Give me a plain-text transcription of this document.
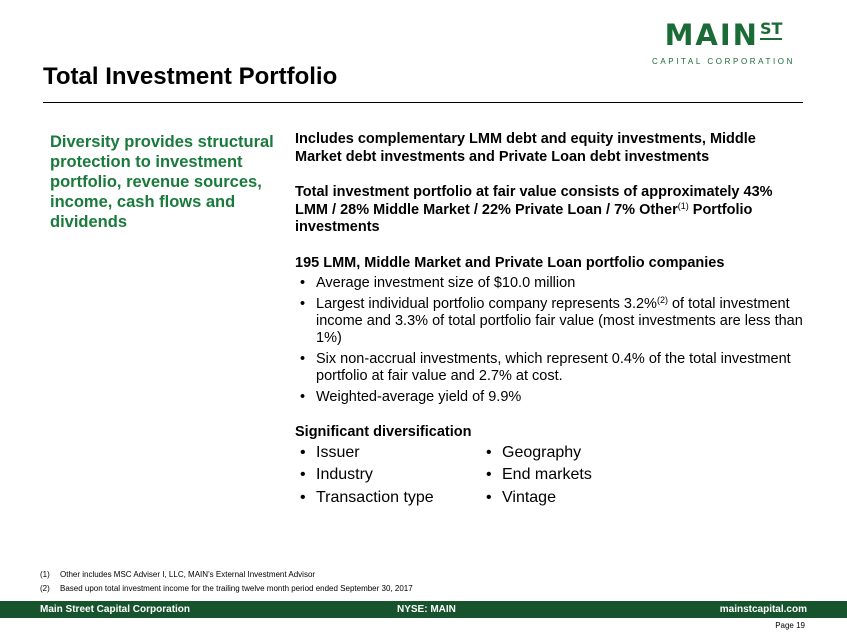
$MAIN^{ST}$
CAPITAL CORPORATION
Total Investment Portfolio
Diversity provides structural protection to investment portfolio, revenue sources, income, cash flows and dividends
Includes complementary LMM debt and equity investments, Middle Market debt investments and Private Loan debt investments
Total investment portfolio at fair value consists of approximately 43% LMM / 28% Middle Market / 22% Private Loan / 7% Other$^{(1)}$ Portfolio investments
195 LMM, Middle Market and Private Loan portfolio companies
• Average investment size of $10.0 million
• Largest individual portfolio company represents 3.2%$^{(2)}$ of total investment income and 3.3% of total portfolio fair value (most investments are less than 1%)
• Six non-accrual investments, which represent 0.4% of the total investment portfolio at fair value and 2.7% at cost.
• Weighted-average yield of 9.9%
Significant diversification
• Issuer
• Industry
• Transaction type
• Geography
• End markets
• Vintage
(1) Other includes MSC Adviser I, LLC, MAIN’s External Investment Advisor
(2) Based upon total investment income for the trailing twelve month period ended September 30, 2017
Main Street Capital Corporation	NYSE: MAIN	mainstcapital.com
Page 19
